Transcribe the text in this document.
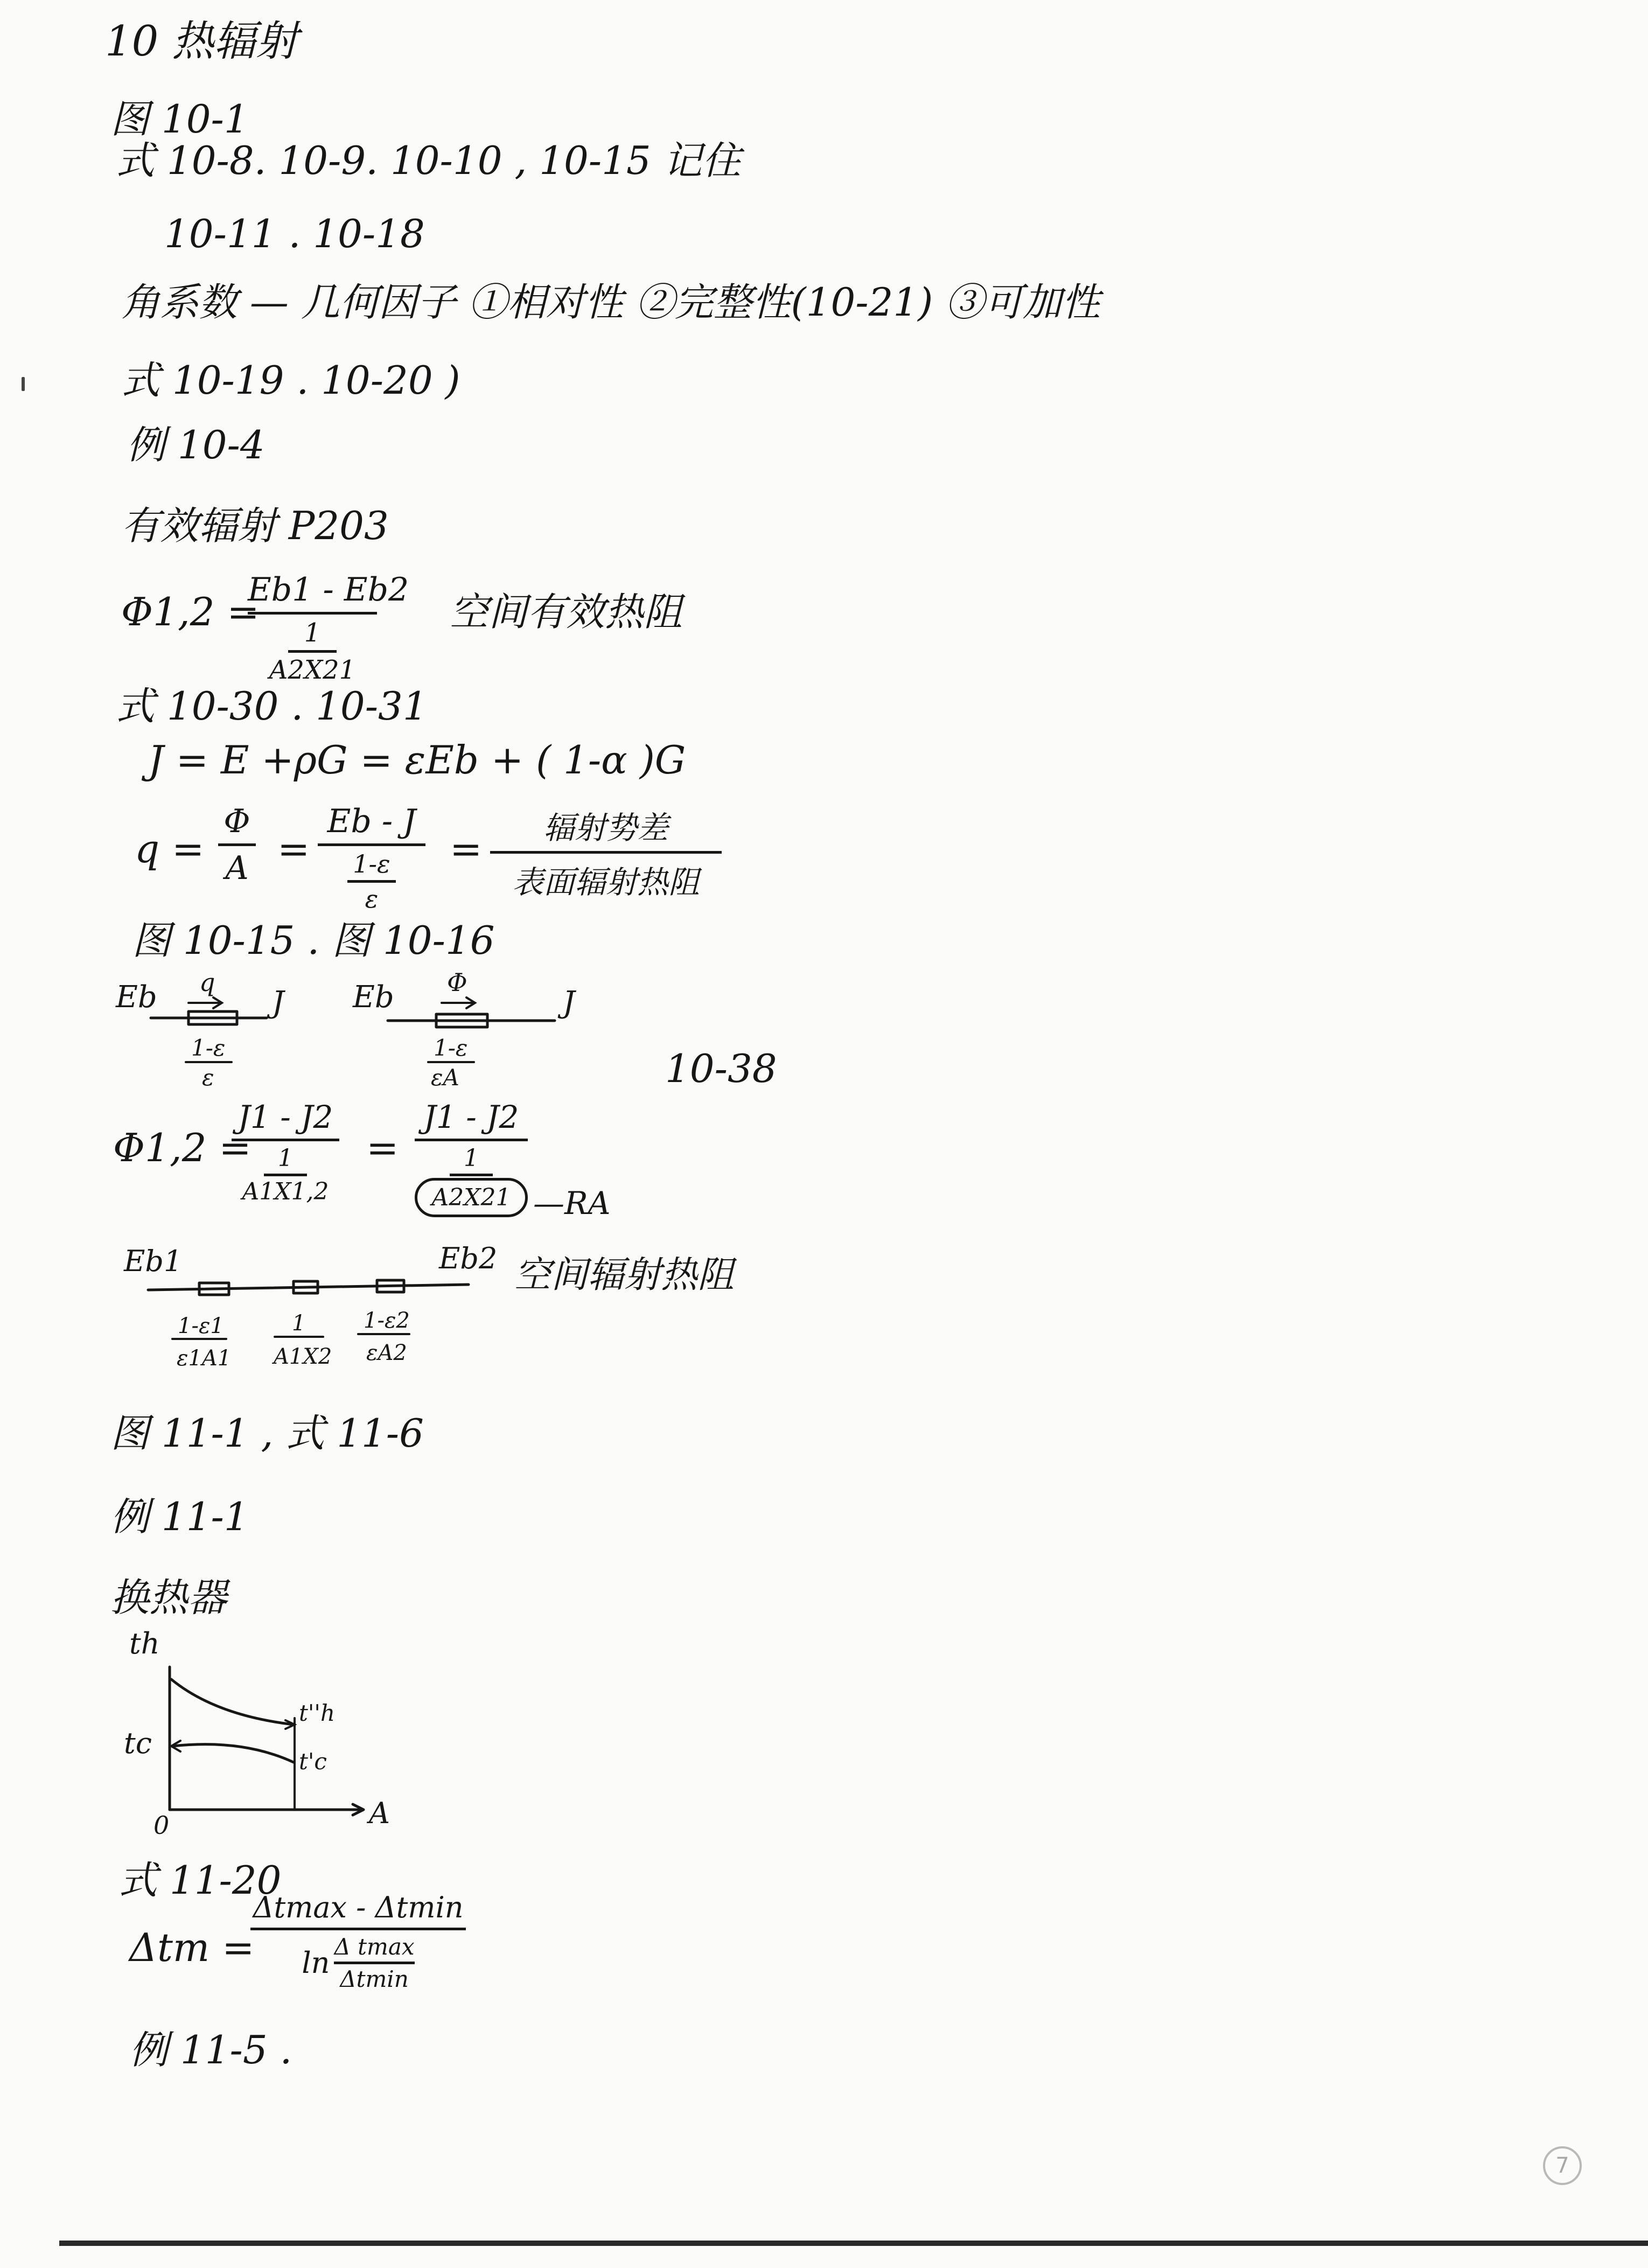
10 热辐射
图 10-1
式 10-8. 10-9. 10-10 , 10-15 记住
10-11 . 10-18
角系数 — 几何因子 ①相对性 ②完整性(10-21) ③可加性
式 10-19 . 10-20 )
例 10-4
有效辐射 P203
Φ1,2 =
Eb1 - Eb2
1
A2X21
空间有效热阻
式 10-30 . 10-31
J = E +ρG = εEb + ( 1-α )G
q =
Φ
A =
Eb - J
1-ε
ε
=	辐射势差
表面辐射热阻
图 10-15 . 图 10-16
Eb q
J
1-ε
ε
Eb Φ
J
1-ε
εA	10-38
Φ1,2 =
J1 - J2
1
A1X1,2
=
J1 - J2
1
A2X21 —RA
Eb1	Eb2
1-ε1
ε1A1
1
A1X2
1-ε2
εA2
空间辐射热阻
图 11-1 , 式 11-6
例 11-1
换热器
th
tc
0	A
t''h
t'c
式 11-20
Δtm =
Δtmax - Δtmin
ln Δ tmax
Δtmin
例 11-5 .
7
